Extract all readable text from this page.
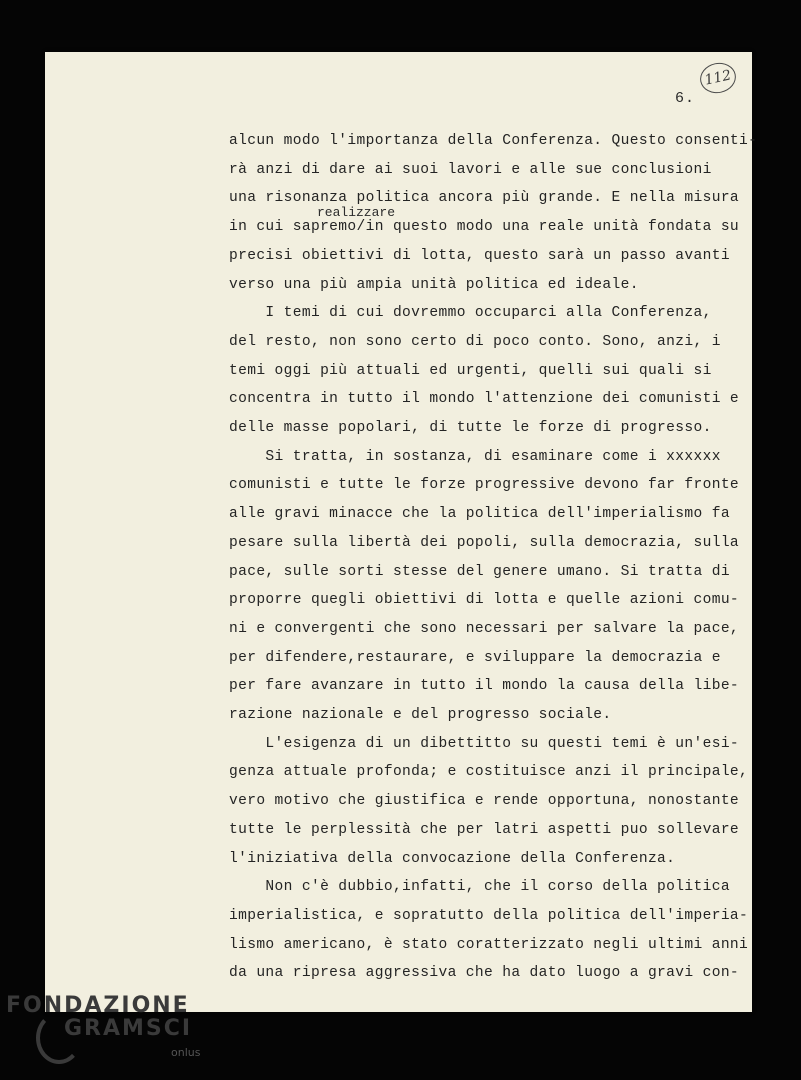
112
6.
realizzare
alcun modo l'importanza della Conferenza. Questo consenti-
rà anzi di dare ai suoi lavori e alle sue conclusioni
una risonanza politica ancora più grande. E nella misura
in cui sapremo/in questo modo una reale unità fondata su
precisi obiettivi di lotta, questo sarà un passo avanti
verso una più ampia unità politica ed ideale.
I temi di cui dovremmo occuparci alla Conferenza,
del resto, non sono certo di poco conto. Sono, anzi, i
temi oggi più attuali ed urgenti, quelli sui quali si
concentra in tutto il mondo l'attenzione dei comunisti e
delle masse popolari, di tutte le forze di progresso.
Si tratta, in sostanza, di esaminare come i xxxxxx
comunisti e tutte le forze progressive devono far fronte
alle gravi minacce che la politica dell'imperialismo fa
pesare sulla libertà dei popoli, sulla democrazia, sulla
pace, sulle sorti stesse del genere umano. Si tratta di
proporre quegli obiettivi di lotta e quelle azioni comu-
ni e convergenti che sono necessari per salvare la pace,
per difendere,restaurare, e sviluppare la democrazia e
per fare avanzare in tutto il mondo la causa della libe-
razione nazionale e del progresso sociale.
L'esigenza di un dibettitto su questi temi è un'esi-
genza attuale profonda; e costituisce anzi il principale,
vero motivo che giustifica e rende opportuna, nonostante
tutte le perplessità che per latri aspetti puo sollevare
l'iniziativa della convocazione della Conferenza.
Non c'è dubbio,infatti, che il corso della politica
imperialistica, e sopratutto della politica dell'imperia-
lismo americano, è stato coratterizzato negli ultimi anni
da una ripresa aggressiva che ha dato luogo a gravi con-
FONDAZIONE
GRAMSCI
onlus
